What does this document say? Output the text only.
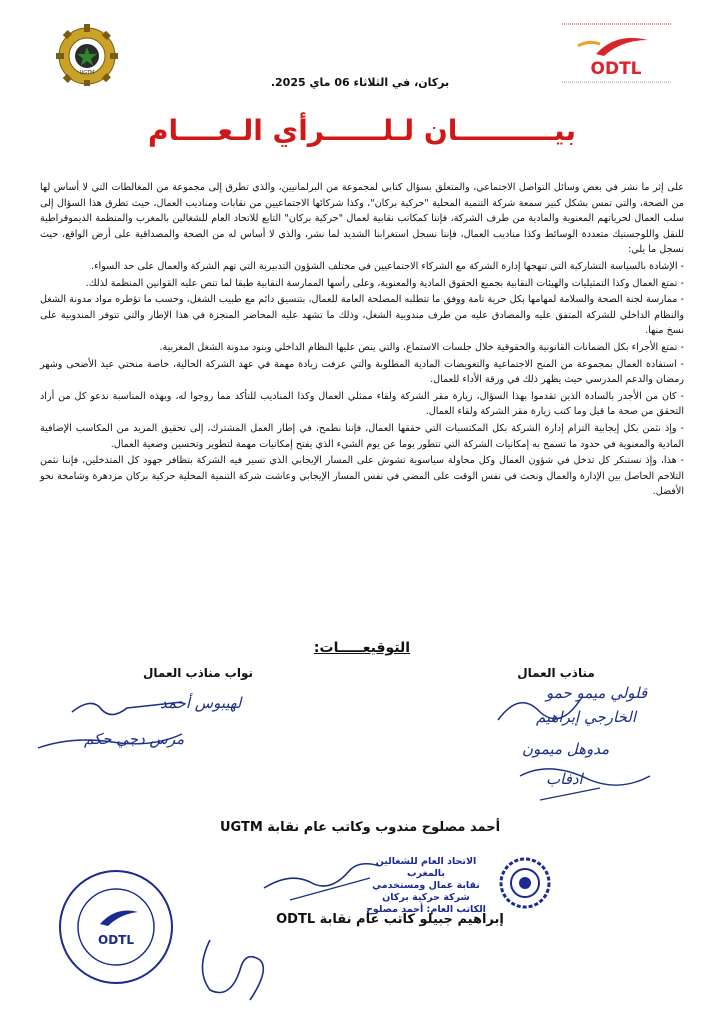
UGTM	ODTL
بركان، في الثلاثاء 06 ماي 2025.
بيــــــــــان لـلــــــرأي الـعــــام

على إثر ما نشر في بعض وسائل التواصل الاجتماعي، والمتعلق بسؤال كتابي لمجموعة من البرلمانيين، والذي تطرق إلى مجموعة من المغالطات التي لا أساس لها من الصحة، والتي تمس بشكل كبير سمعة شركة التنمية المحلية "حركية بركان"، وكذا شركائها الاجتماعيين من نقابات ومناديب العمال، حيث تطرق هذا السؤال إلى سلب العمال لحرياتهم المعنوية والمادية من طرف الشركة، فإننا كمكاتب نقابية لعمال "حركية بركان" التابع للاتحاد العام للشغالين بالمغرب والمنظمة الديموقراطية للنقل واللوجستيك متعددة الوسائط وكذا مناديب العمال، فإننا نسجل استغرابنا الشديد لما نشر، والذي لا أساس له من الصحة والمصداقية على أرض الواقع، حيث نسجل ما يلي:

- الإشادة بالسياسة التشاركية التي تنهجها إدارة الشركة مع الشركاء الاجتماعيين في مختلف الشؤون التدبيرية التي تهم الشركة والعمال على حد السواء.

- تمتع العمال وكذا التمثيليات والهيئات النقابية بجميع الحقوق المادية والمعنوية، وعلى رأسها الممارسة النقابية طبقا لما تنص عليه القوانين المنظمة لذلك.

- ممارسة لجنة الصحة والسلامة لمهامها بكل حرية تامة ووفق ما تتطلبه المصلحة العامة للعمال، بتنسيق دائم مع طبيب الشغل، وحسب ما تؤطره مواد مدونة الشغل والنظام الداخلي للشركة المتفق عليه والمصادق عليه من طرف مندوبية الشغل، وذلك ما تشهد عليه المحاضر المنجزة في هذا الإطار والتي تتوفر المندوبية على نسخ منها.

- تمتع الأجراء بكل الضمانات القانونية والحقوقية خلال جلسات الاستماع، والتي ينص عليها النظام الداخلي وبنود مدونة الشغل المغربية.

- استفادة العمال بمجموعة من المنح الاجتماعية والتعويضات المادية المطلوبة والتي عرفت زيادة مهمة في عهد الشركة الحالية، خاصة منحتي عيد الأضحى وشهر رمضان والدعم المدرسي حيث يظهر ذلك في ورقة الأداء للعمال.

- كان من الأجدر بالسادة الذين تقدموا بهذا السؤال، زيارة مقر الشركة ولقاء ممثلي العمال وكذا المناديب للتأكد مما روجوا له، وبهذه المناسبة ندعو كل من أراد التحقق من صحة ما قيل وما كتب زيارة مقر الشركة ولقاء العمال.

- وإذ نثمن بكل إيجابية التزام إدارة الشركة بكل المكتسبات التي حققها العمال، فإننا نطمح، في إطار العمل المشترك، إلى تحقيق المزيد من المكاسب الإضافية المادية والمعنوية في حدود ما تسمح به إمكانيات الشركة التي تتطور يوما عن يوم الشيء الذي يفتح إمكانيات مهمة لتطوير وتحسين وضعية العمال.

- هذا، وإذ نستنكر كل تدخل في شؤون العمال وكل محاولة سياسوية تشوش على المسار الإيجابي الذي تسير فيه الشركة بتظافر جهود كل المتدخلين، فإننا نثمن التلاحم الحاصل بين الإدارة والعمال ونحث في نفس الوقت على المضي في نفس المسار الإيجابي وعاشت شركة التنمية المحلية حركية بركان مزدهرة وشامخة نحو الأفضل.

التوقيعـــــات:
نواب مناذب العمال	مناذب العمال
لهيبوس أحمد
مرس دجي حكم
قلولي ميمو حمو
الخارجي إبراهيم
مدوهل ميمون
ادفاب
أحمد مصلوح مندوب وكاتب عام نقابة UGTM
الاتحاد العام للشغالين بالمغرب
نقابة عمال ومستخدمي
شركة حركية بركان
الكاتب العام: أحمد مصلوح
إبراهيم جبيلو كاتب عام نقابة ODTL
ODTL
